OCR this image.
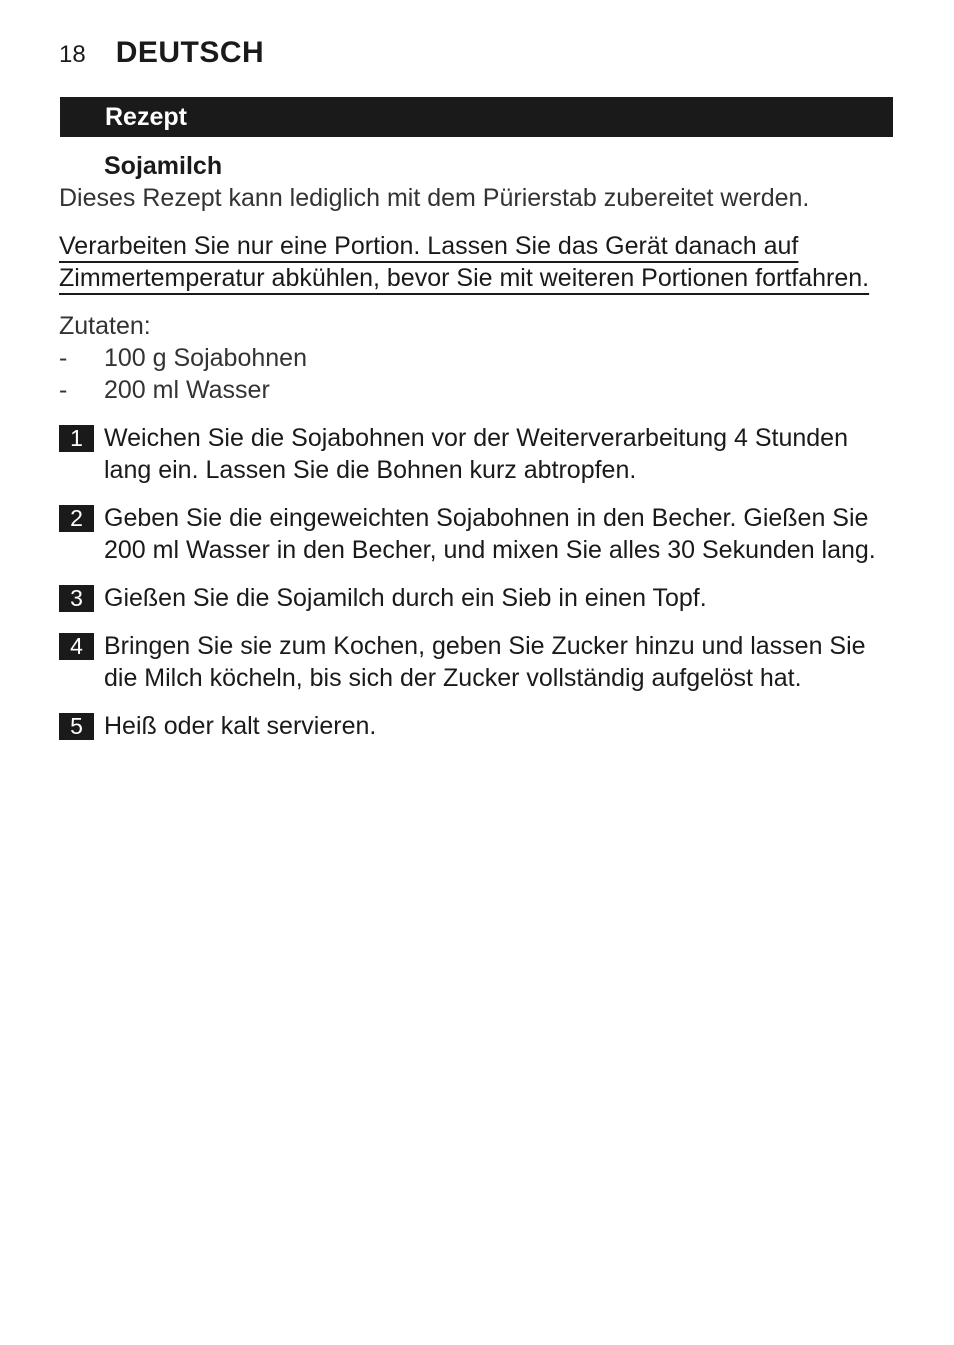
18 DEUTSCH
Rezept

Sojamilch

Dieses Rezept kann lediglich mit dem Pürierstab zubereitet werden.

Verarbeiten Sie nur eine Portion. Lassen Sie das Gerät danach auf Zimmertemperatur abkühlen, bevor Sie mit weiteren Portionen fortfahren.

Zutaten:

- 100 g Sojabohnen
- 200 ml Wasser
1 Weichen Sie die Sojabohnen vor der Weiterverarbeitung 4 Stunden lang ein. Lassen Sie die Bohnen kurz abtropfen.
2 Geben Sie die eingeweichten Sojabohnen in den Becher. Gießen Sie 200 ml Wasser in den Becher, und mixen Sie alles 30 Sekunden lang.
3 Gießen Sie die Sojamilch durch ein Sieb in einen Topf.
4 Bringen Sie sie zum Kochen, geben Sie Zucker hinzu und lassen Sie die Milch köcheln, bis sich der Zucker vollständig aufgelöst hat.
5 Heiß oder kalt servieren.
